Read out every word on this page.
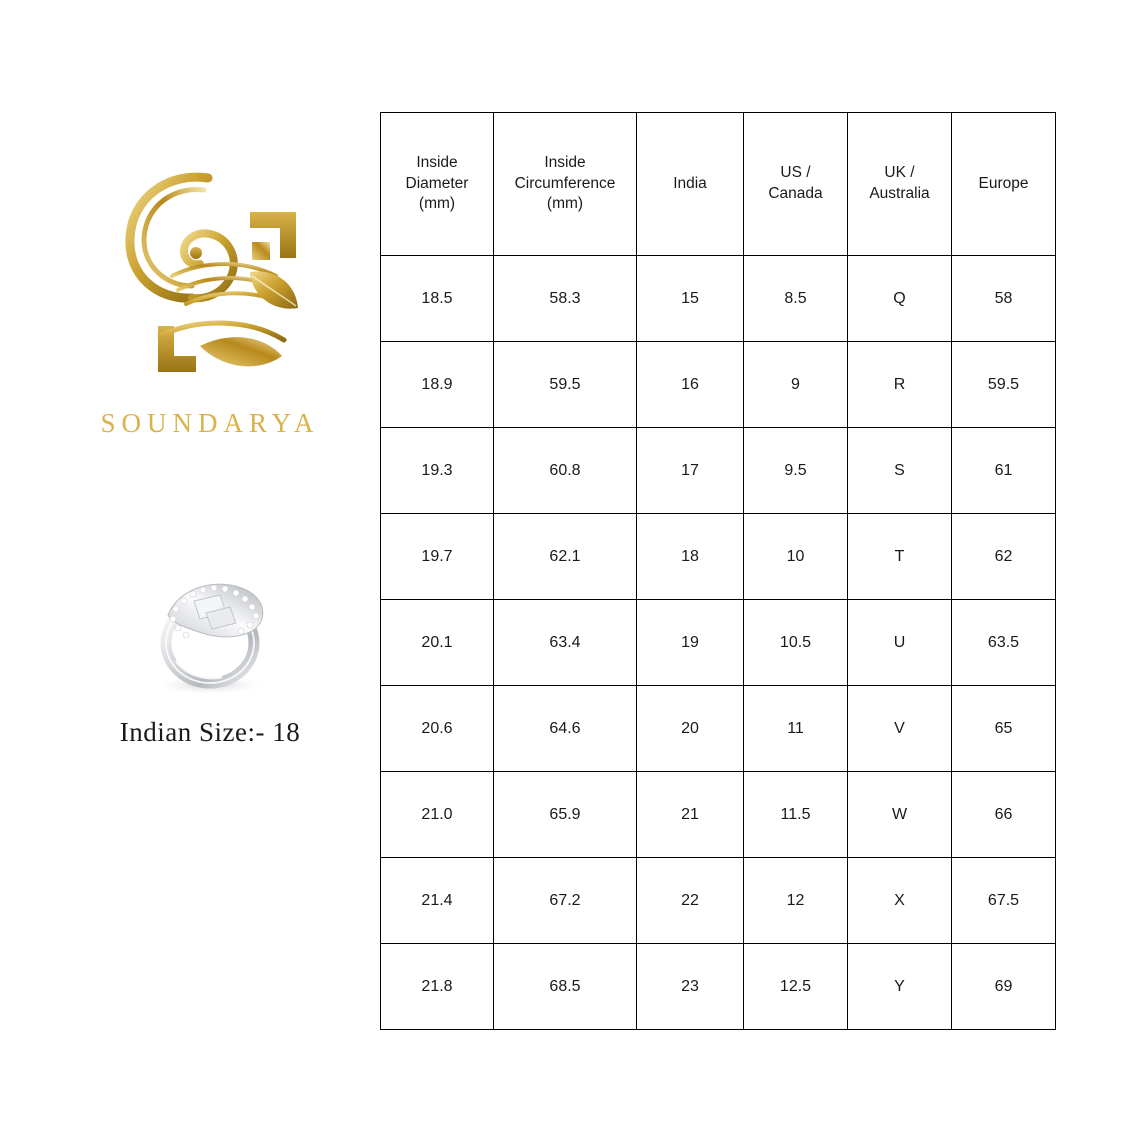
SOUNDARYA
Indian Size:- 18
Inside
Diameter
(mm)	Inside
Circumference
(mm)	India	US /
Canada	UK /
Australia	Europe

18.5	58.3	15	8.5	Q	58
18.9	59.5	16	9	R	59.5
19.3	60.8	17	9.5	S	61
19.7	62.1	18	10	T	62
20.1	63.4	19	10.5	U	63.5
20.6	64.6	20	11	V	65
21.0	65.9	21	11.5	W	66
21.4	67.2	22	12	X	67.5
21.8	68.5	23	12.5	Y	69
